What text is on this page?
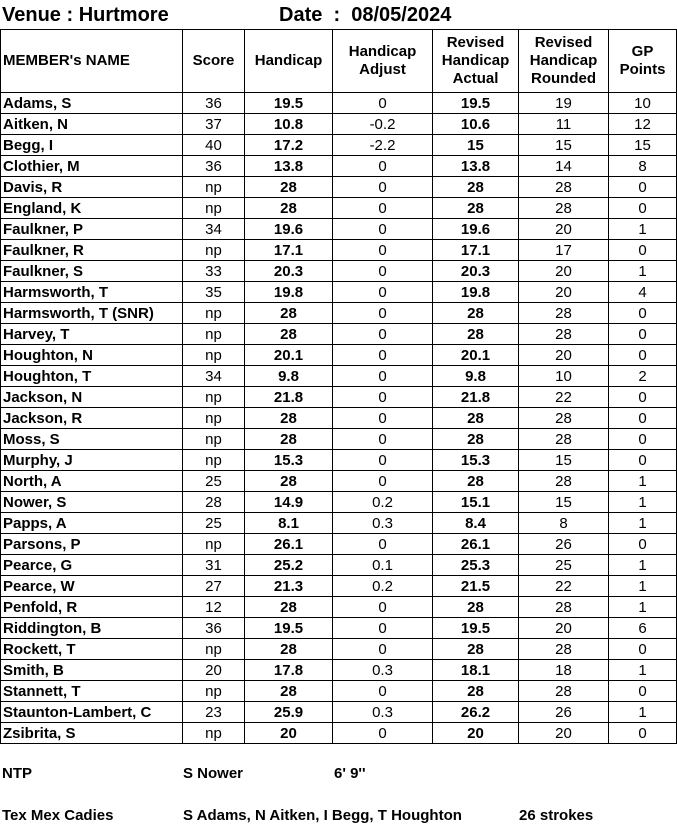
Venue : Hurtmore	Date  :  08/05/2024
MEMBER's NAME	Score	Handicap	Handicap Adjust	Revised Handicap Actual	Revised Handicap Rounded	GP Points
Adams, S	36	19.5	0	19.5	19	10
Aitken, N	37	10.8	-0.2	10.6	11	12
Begg, I	40	17.2	-2.2	15	15	15
Clothier, M	36	13.8	0	13.8	14	8
Davis, R	np	28	0	28	28	0
England, K	np	28	0	28	28	0
Faulkner, P	34	19.6	0	19.6	20	1
Faulkner, R	np	17.1	0	17.1	17	0
Faulkner, S	33	20.3	0	20.3	20	1
Harmsworth, T	35	19.8	0	19.8	20	4
Harmsworth, T (SNR)	np	28	0	28	28	0
Harvey, T	np	28	0	28	28	0
Houghton, N	np	20.1	0	20.1	20	0
Houghton, T	34	9.8	0	9.8	10	2
Jackson, N	np	21.8	0	21.8	22	0
Jackson, R	np	28	0	28	28	0
Moss, S	np	28	0	28	28	0
Murphy, J	np	15.3	0	15.3	15	0
North, A	25	28	0	28	28	1
Nower, S	28	14.9	0.2	15.1	15	1
Papps, A	25	8.1	0.3	8.4	8	1
Parsons, P	np	26.1	0	26.1	26	0
Pearce, G	31	25.2	0.1	25.3	25	1
Pearce, W	27	21.3	0.2	21.5	22	1
Penfold, R	12	28	0	28	28	1
Riddington, B	36	19.5	0	19.5	20	6
Rockett, T	np	28	0	28	28	0
Smith, B	20	17.8	0.3	18.1	18	1
Stannett, T	np	28	0	28	28	0
Staunton-Lambert, C	23	25.9	0.3	26.2	26	1
Zsibrita, S	np	20	0	20	20	0
NTP	S Nower	6' 9''
Tex Mex Cadies	S Adams, N Aitken, I Begg, T Houghton	26 strokes
